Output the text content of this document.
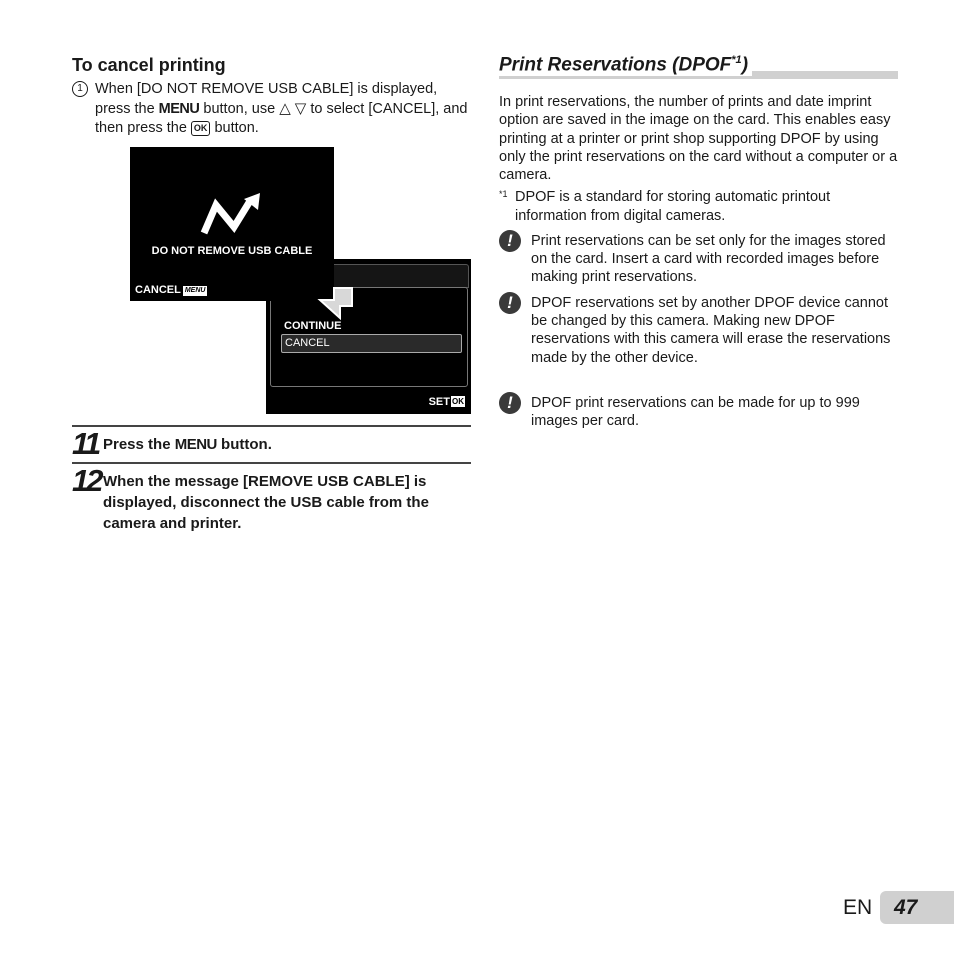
To cancel printing
1 When [DO NOT REMOVE USB CABLE] is displayed, press the MENU button, use △ ▽ to select [CANCEL], and then press the OK button.
CONTINUE
CANCEL
SET OK
DO NOT REMOVE USB CABLE
CANCEL MENU
11 Press the MENU button.
12 When the message [REMOVE USB CABLE] is displayed, disconnect the USB cable from the camera and printer.
Print Reservations (DPOF$^{*1}$)
In print reservations, the number of prints and date imprint option are saved in the image on the card. This enables easy printing at a printer or print shop supporting DPOF by using only the print reservations on the card without a computer or a camera.
*1 DPOF is a standard for storing automatic printout information from digital cameras.
!	Print reservations can be set only for the images stored on the card. Insert a card with recorded images before making print reservations.
!	DPOF reservations set by another DPOF device cannot be changed by this camera. Making new DPOF reservations with this camera will erase the reservations made by the other device.
!	DPOF print reservations can be made for up to 999 images per card.
EN 47
